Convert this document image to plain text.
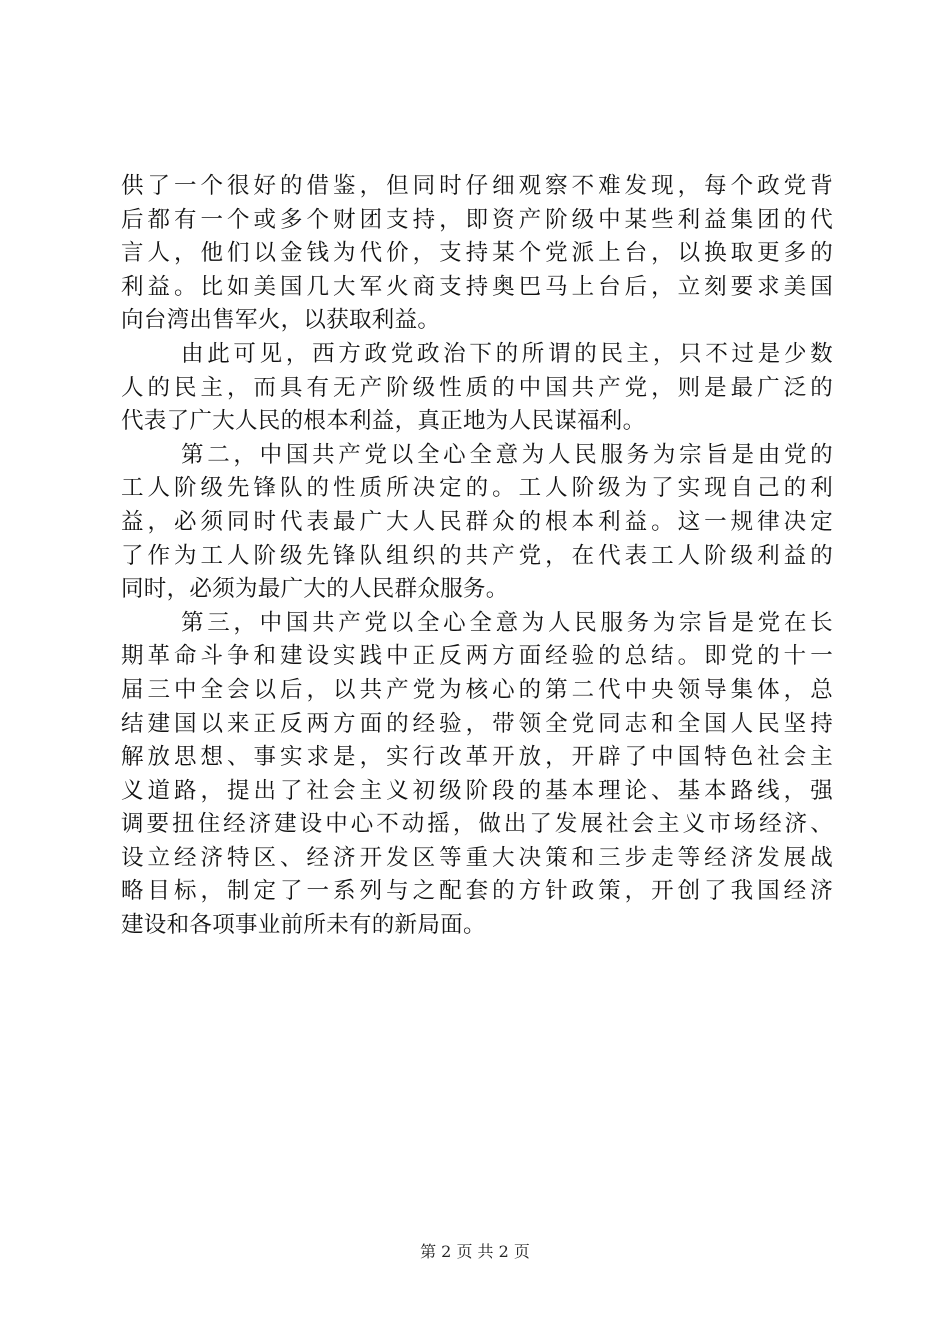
供了一个很好的借鉴，但同时仔细观察不难发现，每个政党背
后都有一个或多个财团支持，即资产阶级中某些利益集团的代
言人，他们以金钱为代价，支持某个党派上台，以换取更多的
利益。比如美国几大军火商支持奥巴马上台后，立刻要求美国
向台湾出售军火，以获取利益。
由此可见，西方政党政治下的所谓的民主，只不过是少数
人的民主，而具有无产阶级性质的中国共产党，则是最广泛的
代表了广大人民的根本利益，真正地为人民谋福利。
第二，中国共产党以全心全意为人民服务为宗旨是由党的
工人阶级先锋队的性质所决定的。工人阶级为了实现自己的利
益，必须同时代表最广大人民群众的根本利益。这一规律决定
了作为工人阶级先锋队组织的共产党，在代表工人阶级利益的
同时，必须为最广大的人民群众服务。
第三，中国共产党以全心全意为人民服务为宗旨是党在长
期革命斗争和建设实践中正反两方面经验的总结。即党的十一
届三中全会以后，以共产党为核心的第二代中央领导集体，总
结建国以来正反两方面的经验，带领全党同志和全国人民坚持
解放思想、事实求是，实行改革开放，开辟了中国特色社会主
义道路，提出了社会主义初级阶段的基本理论、基本路线，强
调要扭住经济建设中心不动摇，做出了发展社会主义市场经济、
设立经济特区、经济开发区等重大决策和三步走等经济发展战
略目标，制定了一系列与之配套的方针政策，开创了我国经济
建设和各项事业前所未有的新局面。
第 2 页 共 2 页
